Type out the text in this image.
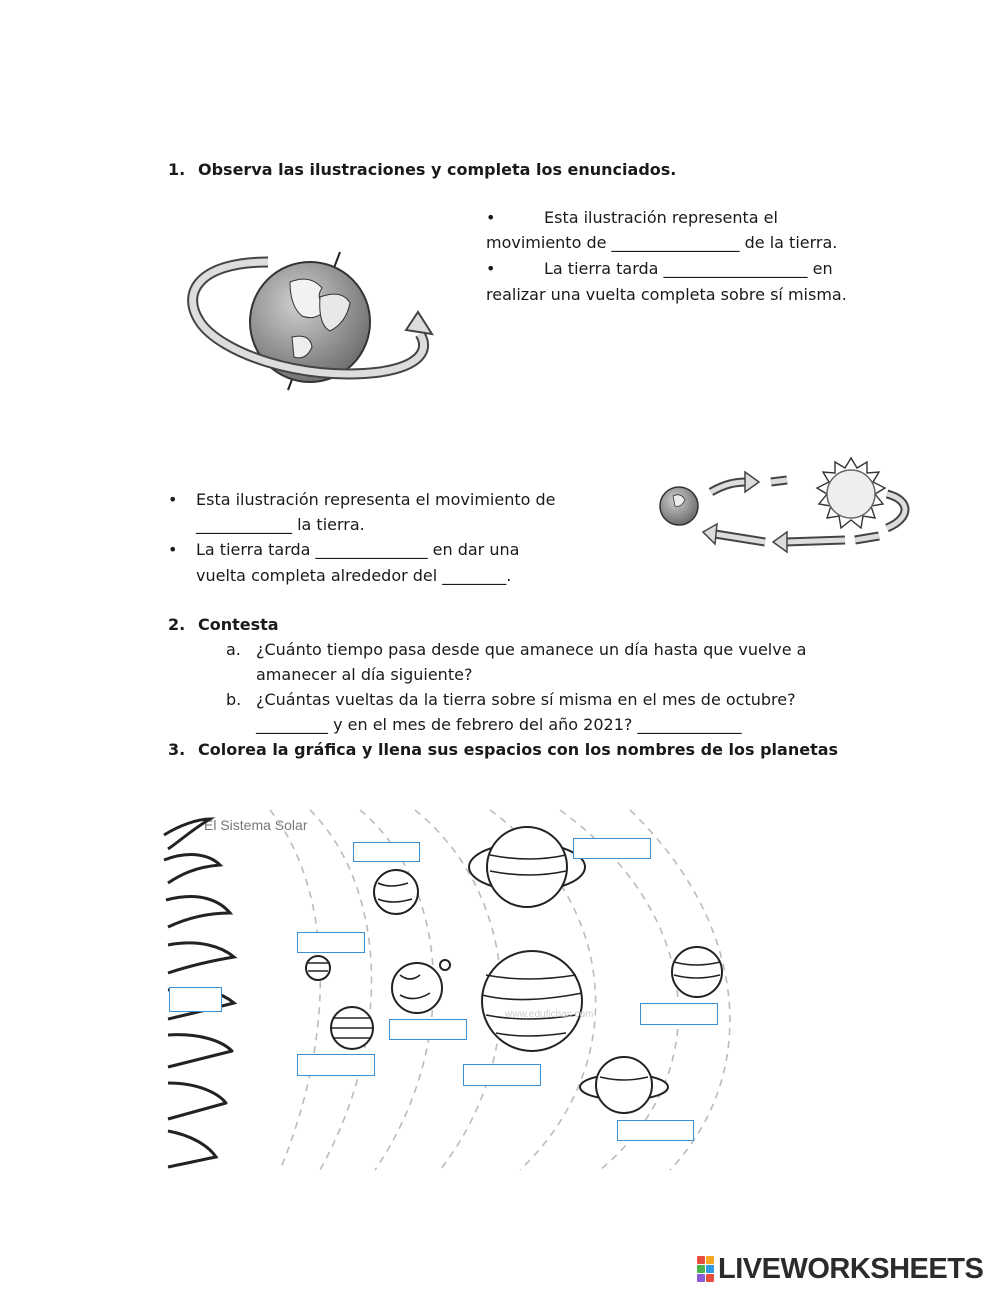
1. Observa las ilustraciones y completa los enunciados.
•	Esta ilustración representa el
movimiento de ________________ de la tierra.
•	La tierra tarda __________________ en
realizar una vuelta completa sobre sí misma.
• Esta ilustración representa el movimiento de
____________ la tierra.
• La tierra tarda ______________ en dar una
vuelta completa alrededor del ________.
2. Contesta
a. ¿Cuánto tiempo pasa desde que amanece un día hasta que vuelve a
amanecer al día siguiente?
b. ¿Cuántas vueltas da la tierra sobre sí misma en el mes de octubre?
_________ y en el mes de febrero del año 2021? _____________
3. Colorea la gráfica y llena sus espacios con los nombres de los planetas
El Sistema Solar
www.edufichas.com
LIVEWORKSHEETS
